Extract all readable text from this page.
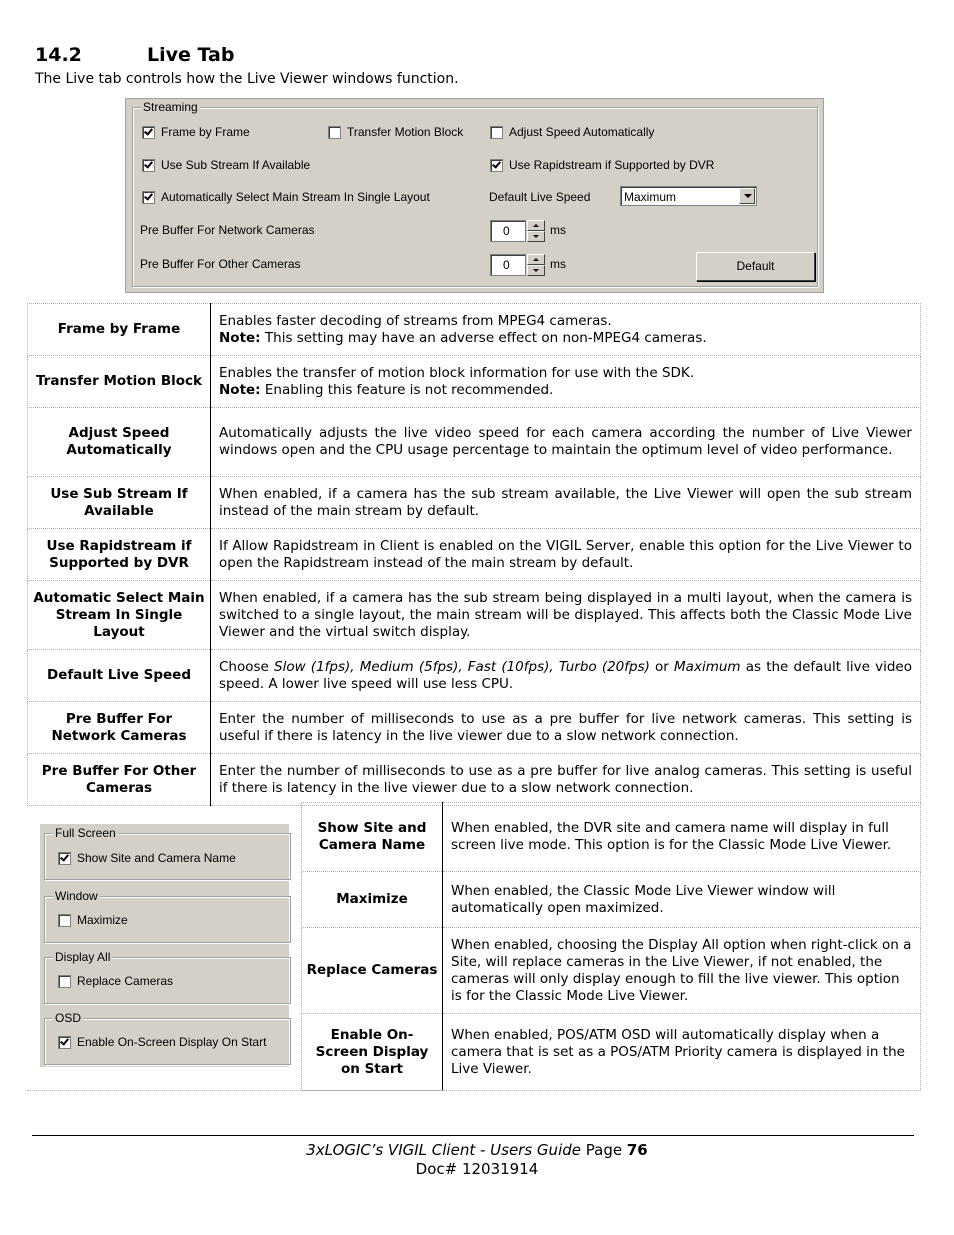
14.2	Live Tab
The Live tab controls how the Live Viewer windows function.
Streaming
Frame by Frame	Transfer Motion Block	Adjust Speed Automatically
Use Sub Stream If Available	Use Rapidstream if Supported by DVR
Automatically Select Main Stream In Single Layout	Default Live Speed	Maximum
Pre Buffer For Network Cameras	0	ms
Pre Buffer For Other Cameras	0	ms	Default
Frame by Frame	Enables faster decoding of streams from MPEG4 cameras.
Note: This setting may have an adverse effect on non-MPEG4 cameras.
Transfer Motion Block	Enables the transfer of motion block information for use with the SDK.
Note: Enabling this feature is not recommended.
Adjust Speed Automatically	Automatically adjusts the live video speed for each camera according the number of Live Viewer windows open and the CPU usage percentage to maintain the optimum level of video performance.
Use Sub Stream If Available	When enabled, if a camera has the sub stream available, the Live Viewer will open the sub stream instead of the main stream by default.
Use Rapidstream if Supported by DVR	If Allow Rapidstream in Client is enabled on the VIGIL Server, enable this option for the Live Viewer to open the Rapidstream instead of the main stream by default.
Automatic Select Main Stream In Single Layout	When enabled, if a camera has the sub stream being displayed in a multi layout, when the camera is switched to a single layout, the main stream will be displayed. This affects both the Classic Mode Live Viewer and the virtual switch display.
Default Live Speed	Choose Slow (1fps), Medium (5fps), Fast (10fps), Turbo (20fps) or Maximum as the default live video speed. A lower live speed will use less CPU.
Pre Buffer For Network Cameras	Enter the number of milliseconds to use as a pre buffer for live network cameras. This setting is useful if there is latency in the live viewer due to a slow network connection.
Pre Buffer For Other Cameras	Enter the number of milliseconds to use as a pre buffer for live analog cameras. This setting is useful if there is latency in the live viewer due to a slow network connection.
Full Screen
Show Site and Camera Name
Window
Maximize
Display All
Replace Cameras
OSD
Enable On-Screen Display On Start
Show Site and Camera Name	When enabled, the DVR site and camera name will display in full screen live mode. This option is for the Classic Mode Live Viewer.
Maximize	When enabled, the Classic Mode Live Viewer window will automatically open maximized.
Replace Cameras	When enabled, choosing the Display All option when right-click on a Site, will replace cameras in the Live Viewer, if not enabled, the cameras will only display enough to fill the live viewer. This option is for the Classic Mode Live Viewer.
Enable On-Screen Display on Start	When enabled, POS/ATM OSD will automatically display when a camera that is set as a POS/ATM Priority camera is displayed in the Live Viewer.
3xLOGIC’s VIGIL Client - Users Guide Page 76
Doc# 12031914
